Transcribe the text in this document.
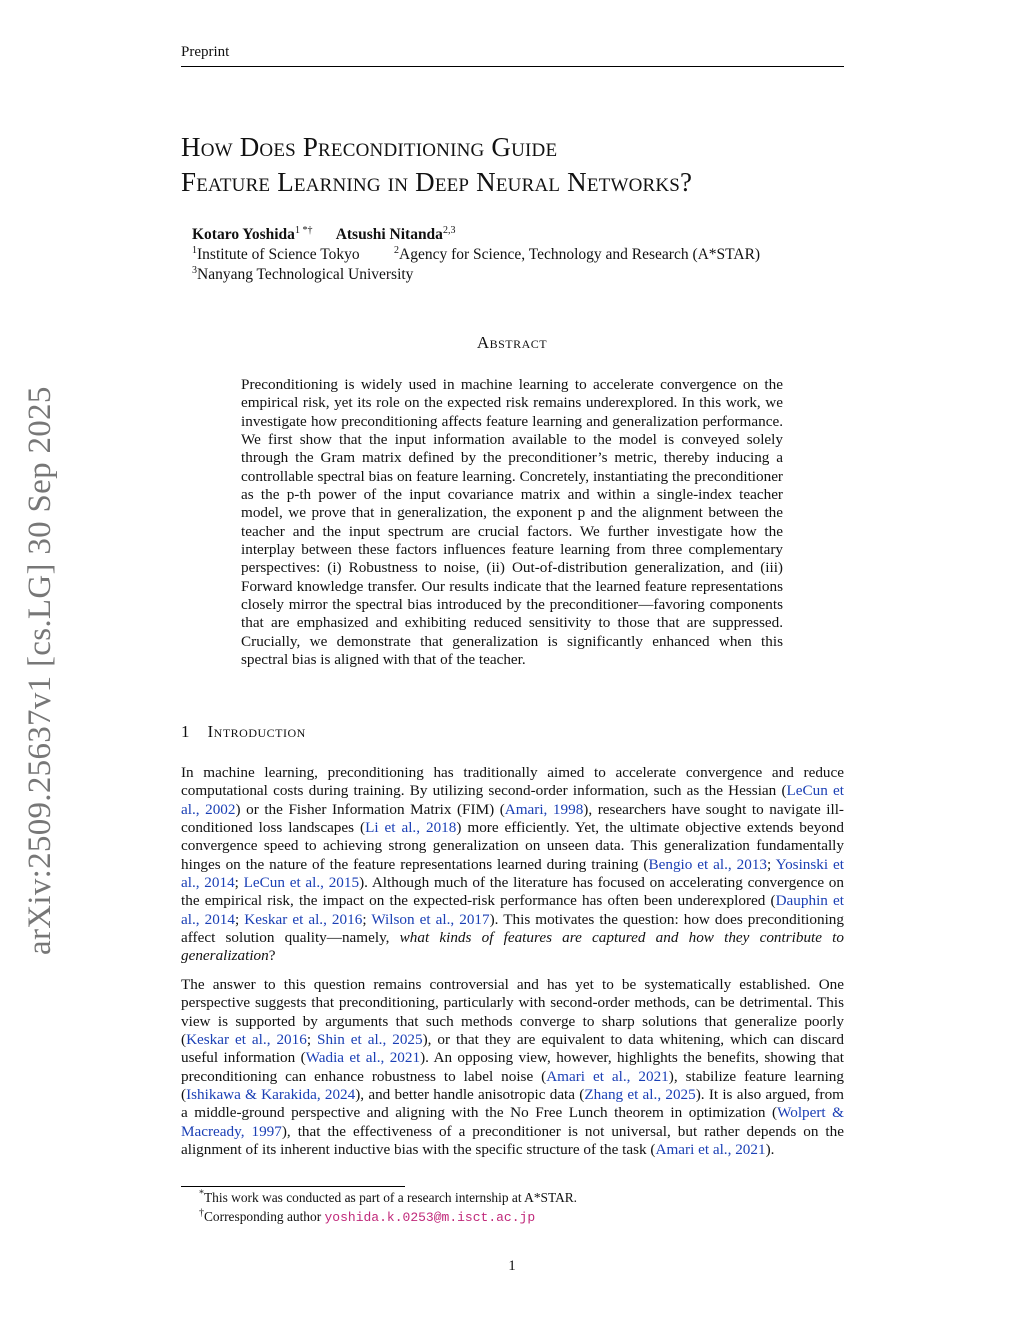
Preprint
How Does Preconditioning Guide
Feature Learning in Deep Neural Networks?
Kotaro Yoshida$^{1 *\dagger}$ Atsushi Nitanda$^{2,3}$
$^1$Institute of Science Tokyo	$^2$Agency for Science, Technology and Research (A*STAR)
$^3$Nanyang Technological University
Abstract
Preconditioning is widely used in machine learning to accelerate convergence on the empirical risk, yet its role on the expected risk remains underexplored. In this work, we investigate how preconditioning affects feature learning and generalization performance. We first show that the input information available to the model is conveyed solely through the Gram matrix defined by the preconditioner’s metric, thereby inducing a controllable spectral bias on feature learning. Concretely, instantiating the preconditioner as the p-th power of the input covariance matrix and within a single-index teacher model, we prove that in generalization, the exponent p and the alignment between the teacher and the input spectrum are crucial factors. We further investigate how the interplay between these factors influences feature learning from three complementary perspectives: (i) Robustness to noise, (ii) Out-of-distribution generalization, and (iii) Forward knowledge transfer. Our results indicate that the learned feature representations closely mirror the spectral bias introduced by the preconditioner—favoring components that are emphasized and exhibiting reduced sensitivity to those that are suppressed. Crucially, we demonstrate that generalization is significantly enhanced when this spectral bias is aligned with that of the teacher.
arXiv:2509.25637v1 [cs.LG] 30 Sep 2025	1 Introduction
In machine learning, preconditioning has traditionally aimed to accelerate convergence and reduce computational costs during training. By utilizing second-order information, such as the Hessian (LeCun et al., 2002) or the Fisher Information Matrix (FIM) (Amari, 1998), researchers have sought to navigate ill-conditioned loss landscapes (Li et al., 2018) more efficiently. Yet, the ultimate objective extends beyond convergence speed to achieving strong generalization on unseen data. This generalization fundamentally hinges on the nature of the feature representations learned during training (Bengio et al., 2013; Yosinski et al., 2014; LeCun et al., 2015). Although much of the literature has focused on accelerating convergence on the empirical risk, the impact on the expected-risk performance has often been underexplored (Dauphin et al., 2014; Keskar et al., 2016; Wilson et al., 2017). This motivates the question: how does preconditioning affect solution quality—namely, what kinds of features are captured and how they contribute to generalization?
The answer to this question remains controversial and has yet to be systematically established. One perspective suggests that preconditioning, particularly with second-order methods, can be detrimental. This view is supported by arguments that such methods converge to sharp solutions that generalize poorly (Keskar et al., 2016; Shin et al., 2025), or that they are equivalent to data whitening, which can discard useful information (Wadia et al., 2021). An opposing view, however, highlights the benefits, showing that preconditioning can enhance robustness to label noise (Amari et al., 2021), stabilize feature learning (Ishikawa & Karakida, 2024), and better handle anisotropic data (Zhang et al., 2025). It is also argued, from a middle-ground perspective and aligning with the No Free Lunch theorem in optimization (Wolpert & Macready, 1997), that the effectiveness of a preconditioner is not universal, but rather depends on the alignment of its inherent inductive bias with the specific structure of the task (Amari et al., 2021).
*This work was conducted as part of a research internship at A*STAR.
†Corresponding author yoshida.k.0253@m.isct.ac.jp
1
